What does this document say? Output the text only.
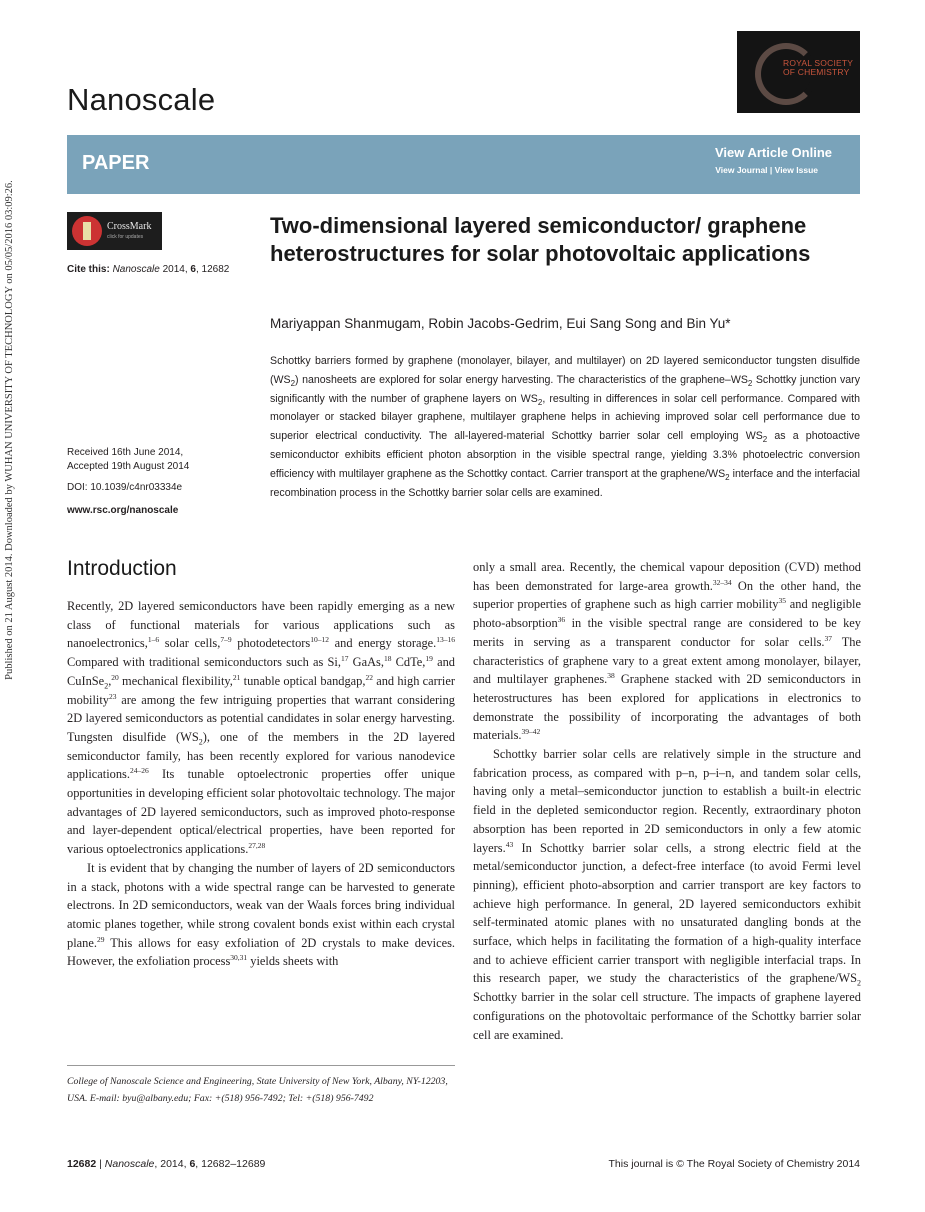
Published on 21 August 2014. Downloaded by WUHAN UNIVERSITY OF TECHNOLOGY on 05/05/2016 03:09:26.
Nanoscale
ROYAL SOCIETY OF CHEMISTRY
PAPER	View Article Online
View Journal | View Issue
CrossMark
click for updates
Cite this: Nanoscale 2014, 6, 12682
Received 16th June 2014,
Accepted 19th August 2014
DOI: 10.1039/c4nr03334e
www.rsc.org/nanoscale
Two-dimensional layered semiconductor/ graphene heterostructures for solar photovoltaic applications
Mariyappan Shanmugam, Robin Jacobs-Gedrim, Eui Sang Song and Bin Yu*

Schottky barriers formed by graphene (monolayer, bilayer, and multilayer) on 2D layered semiconductor tungsten disulfide $(WS_2)$ nanosheets are explored for solar energy harvesting. The characteristics of the graphene–$WS_2$ Schottky junction vary significantly with the number of graphene layers on $WS_2$, resulting in differences in solar cell performance. Compared with monolayer or stacked bilayer graphene, multilayer graphene helps in achieving improved solar cell performance due to superior electrical conductivity. The all-layered-material Schottky barrier solar cell employing $WS_2$ as a photoactive semiconductor exhibits efficient photon absorption in the visible spectral range, yielding 3.3% photoelectric conversion efficiency with multilayer graphene as the Schottky contact. Carrier transport at the graphene/$WS_2$ interface and the interfacial recombination process in the Schottky barrier solar cells are examined.

Introduction

Recently, 2D layered semiconductors have been rapidly emerging as a new class of functional materials for various applications such as nanoelectronics,$^{1-6}$ solar cells,$^{7-9}$ photodetectors$^{10-12}$ and energy storage.$^{13-16}$ Compared with traditional semiconductors such as Si,$^{17}$ GaAs,$^{18}$ CdTe,$^{19}$ and CuInSe$_2$,$^{20}$ mechanical flexibility,$^{21}$ tunable optical bandgap,$^{22}$ and high carrier mobility$^{23}$ are among the few intriguing properties that warrant considering 2D layered semiconductors as potential candidates in solar energy harvesting. Tungsten disulfide $(WS_2)$, one of the members in the 2D layered semiconductor family, has been recently explored for various nanodevice applications.$^{24-26}$ Its tunable optoelectronic properties offer unique opportunities in developing efficient solar photovoltaic technology. The major advantages of 2D layered semiconductors, such as improved photo-response and layer-dependent optical/electrical properties, have been reported for various optoelectronics applications.$^{27,28}$

It is evident that by changing the number of layers of 2D semiconductors in a stack, photons with a wide spectral range can be harvested to generate electrons. In 2D semiconductors, weak van der Waals forces bring individual atomic planes together, while strong covalent bonds exist within each crystal plane.$^{29}$ This allows for easy exfoliation of 2D crystals to make devices. However, the exfoliation process$^{30,31}$ yields sheets with

only a small area. Recently, the chemical vapour deposition (CVD) method has been demonstrated for large-area growth.$^{32-34}$ On the other hand, the superior properties of graphene such as high carrier mobility$^{35}$ and negligible photo-absorption$^{36}$ in the visible spectral range are considered to be key merits in serving as a transparent conductor for solar cells.$^{37}$ The characteristics of graphene vary to a great extent among monolayer, bilayer, and multilayer graphenes.$^{38}$ Graphene stacked with 2D semiconductors in heterostructures has been explored for applications in electronics to demonstrate the possibility of incorporating the advantages of both materials.$^{39-42}$

Schottky barrier solar cells are relatively simple in the structure and fabrication process, as compared with p–n, p–i–n, and tandem solar cells, having only a metal–semiconductor junction to establish a built-in electric field in the depleted semiconductor region. Recently, extraordinary photon absorption has been reported in 2D semiconductors in only a few atomic layers.$^{43}$ In Schottky barrier solar cells, a strong electric field at the metal/semiconductor junction, a defect-free interface (to avoid Fermi level pinning), efficient photo-absorption and carrier transport are key factors to achieve high performance. In general, 2D layered semiconductors exhibit self-terminated atomic planes with no unsaturated dangling bonds at the surface, which helps in facilitating the formation of a high-quality interface and to achieve efficient carrier transport with negligible interfacial traps. In this research paper, we study the characteristics of the graphene/$WS_2$ Schottky barrier in the solar cell structure. The impacts of graphene layered configurations on the photovoltaic performance of the Schottky barrier solar cell are examined.

College of Nanoscale Science and Engineering, State University of New York, Albany, NY-12203, USA. E-mail: byu@albany.edu; Fax: +(518) 956-7492; Tel: +(518) 956-7492

12682 | Nanoscale, 2014, 6, 12682–12689	This journal is © The Royal Society of Chemistry 2014
